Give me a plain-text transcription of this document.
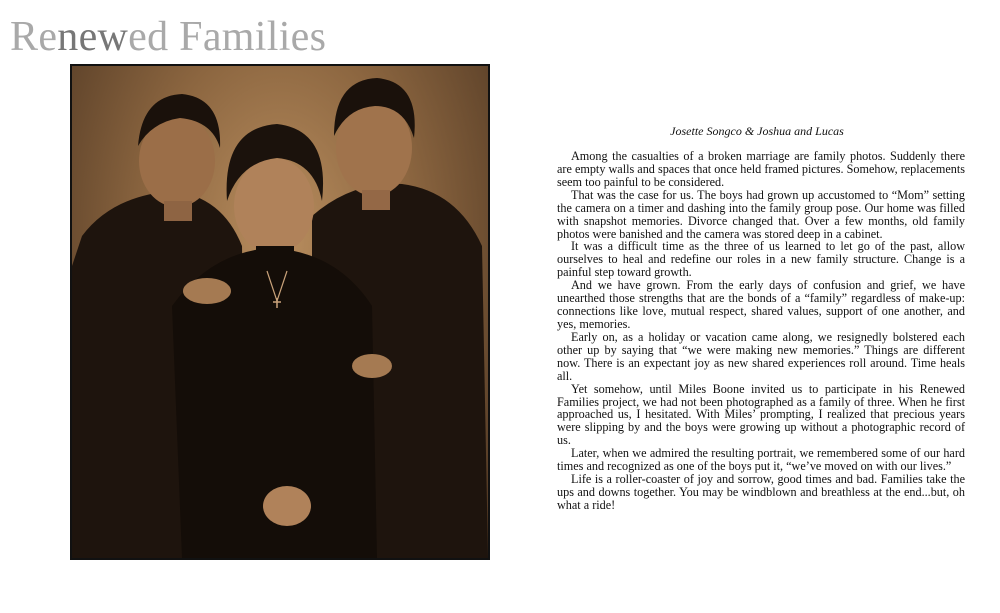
Renewed Families
Josette Songco & Joshua and Lucas

Among the casualties of a broken marriage are family photos. Suddenly there are empty walls and spaces that once held framed pictures. Somehow, replacements seem too painful to be considered.

That was the case for us. The boys had grown up accustomed to “Mom” setting the camera on a timer and dashing into the family group pose. Our home was filled with snapshot memories. Divorce changed that. Over a few months, old family photos were banished and the camera was stored deep in a cabinet.

It was a difficult time as the three of us learned to let go of the past, allow ourselves to heal and redefine our roles in a new family structure. Change is a painful step toward growth.

And we have grown. From the early days of confusion and grief, we have unearthed those strengths that are the bonds of a “family” regardless of make-up: connections like love, mutual respect, shared values, support of one another, and yes, memories.

Early on, as a holiday or vacation came along, we resignedly bolstered each other up by saying that “we were making new memories.” Things are different now. There is an expectant joy as new shared experiences roll around. Time heals all.

Yet somehow, until Miles Boone invited us to participate in his Renewed Families project, we had not been photographed as a family of three. When he first approached us, I hesitated. With Miles’ prompting, I realized that precious years were slipping by and the boys were growing up without a photographic record of us.

Later, when we admired the resulting portrait, we remembered some of our hard times and recognized as one of the boys put it, “we’ve moved on with our lives.”

Life is a roller-coaster of joy and sorrow, good times and bad. Families take the ups and downs together. You may be windblown and breathless at the end...but, oh what a ride!
